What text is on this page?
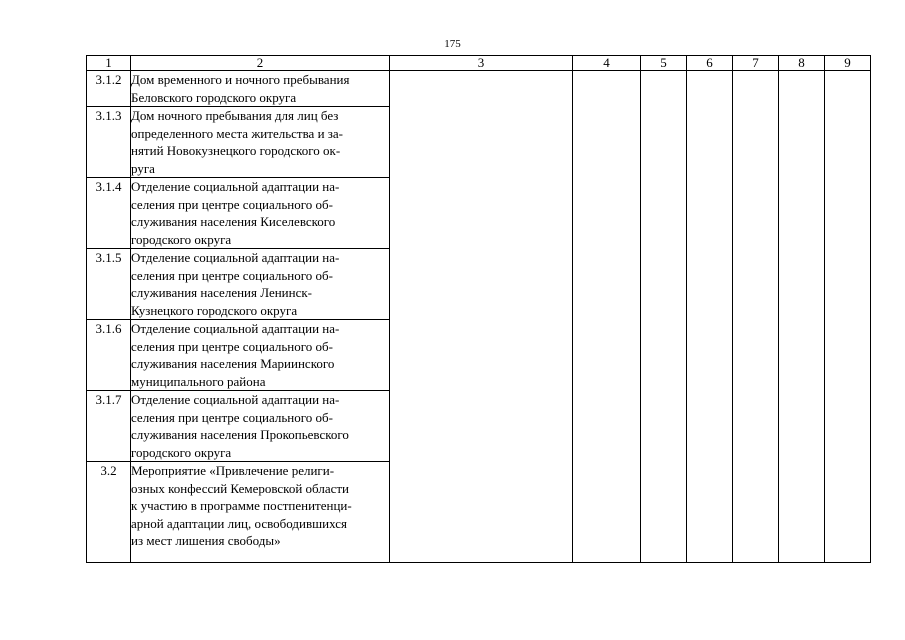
175
1	2	3	4	5	6	7	8	9
3.1.2	Дом временного и ночного пребывания
Беловского городского округа							

3.1.3	Дом ночного пребывания для лиц без
определенного места жительства и за-
нятий Новокузнецкого городского ок-
руга							

3.1.4	Отделение социальной адаптации на-
селения при центре социального об-
служивания населения Киселевского
городского округа							

3.1.5	Отделение социальной адаптации на-
селения при центре социального об-
служивания населения Ленинск-
Кузнецкого городского округа							

3.1.6	Отделение социальной адаптации на-
селения при центре социального об-
служивания населения Мариинского
муниципального района							

3.1.7	Отделение социальной адаптации на-
селения при центре социального об-
служивания населения Прокопьевского
городского округа							

3.2	Мероприятие «Привлечение религи-
озных конфессий Кемеровской области
к участию в программе постпенитенци-
арной адаптации лиц, освободившихся
из мест лишения свободы»							
